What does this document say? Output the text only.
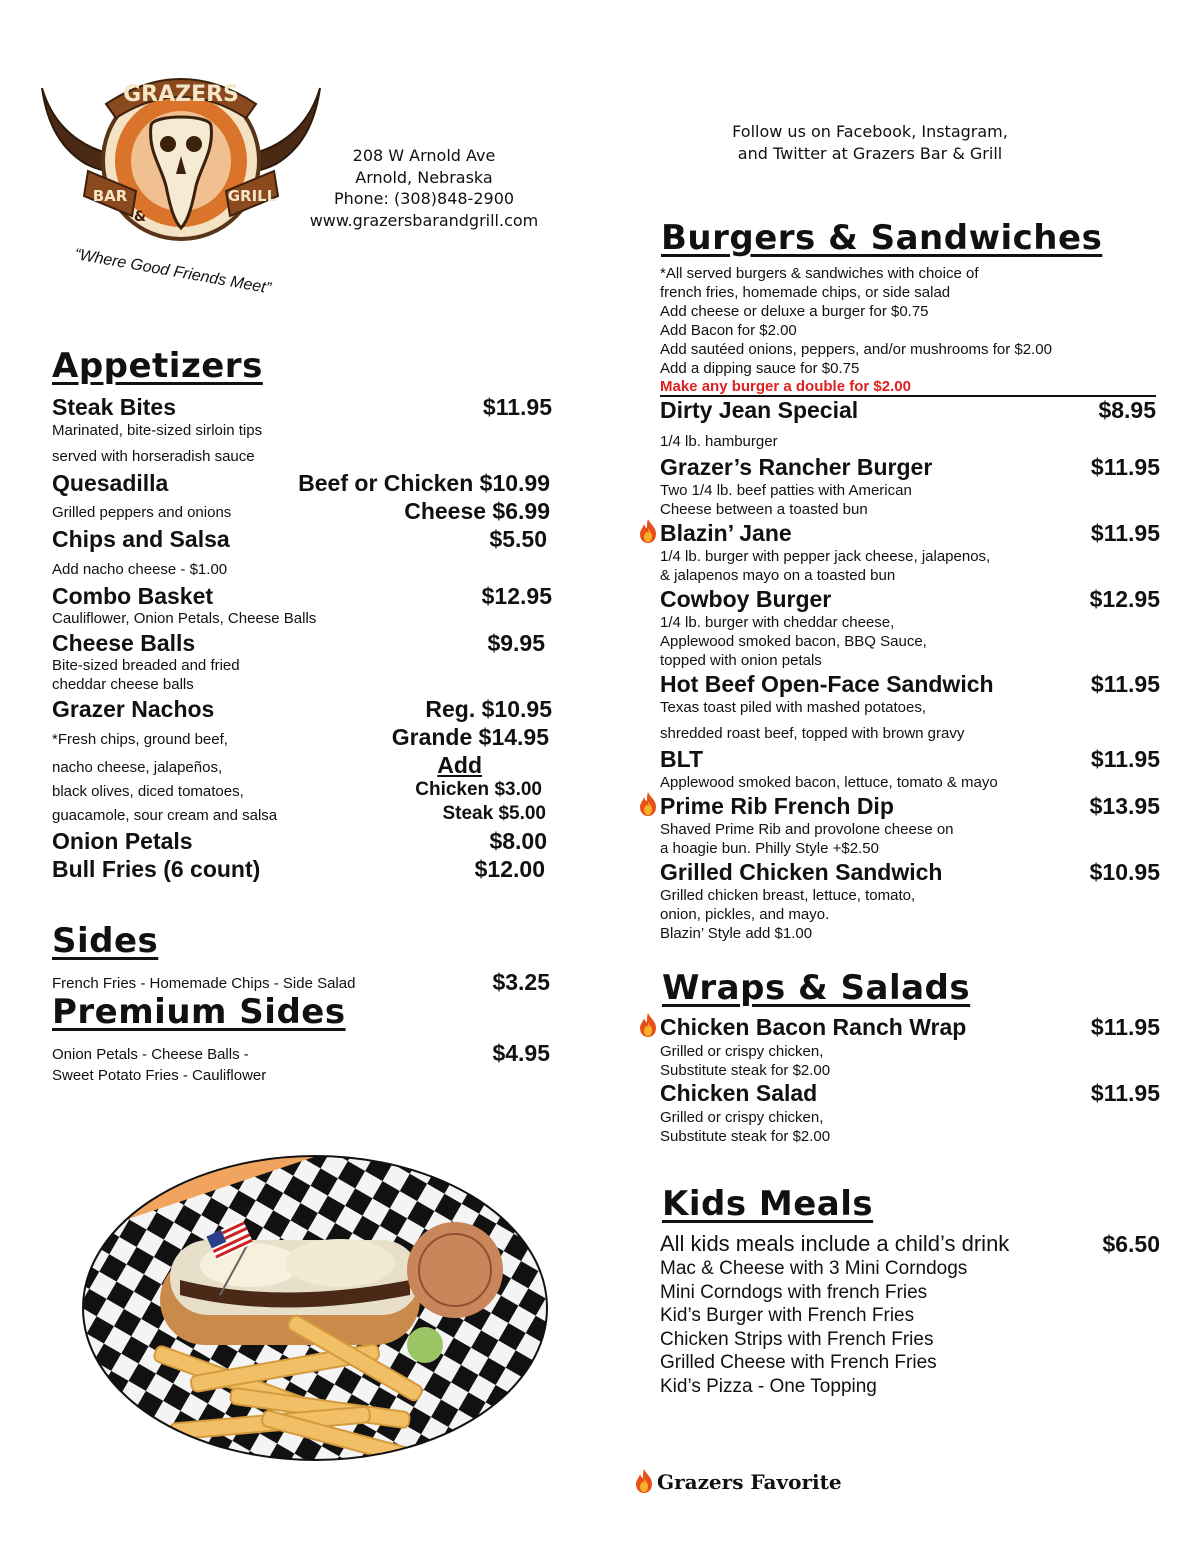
GRAZERS
BAR
&
GRILL
“Where Good Friends Meet”
208 W Arnold Ave
Arnold, Nebraska
Phone: (308)848-2900
www.grazersbarandgrill.com
Follow us on Facebook, Instagram,
and Twitter at Grazers Bar & Grill
Appetizers
Steak Bites	$11.95
Marinated, bite-sized sirloin tips
served with horseradish sauce
Quesadilla	Beef or Chicken $10.99
Grilled peppers and onions	Cheese $6.99
Chips and Salsa	$5.50
Add nacho cheese - $1.00
Combo Basket	$12.95
Cauliflower, Onion Petals, Cheese Balls
Cheese Balls	$9.95
Bite-sized breaded and fried
cheddar cheese balls
Grazer Nachos	Reg. $10.95
*Fresh chips, ground beef,	Grande $14.95
nacho cheese, jalapeños,	Add
black olives, diced tomatoes,	Chicken $3.00
guacamole, sour cream and salsa	Steak $5.00
Onion Petals	$8.00
Bull Fries (6 count)	$12.00
Sides
French Fries - Homemade Chips - Side Salad	$3.25
Premium Sides
Onion Petals - Cheese Balls -
Sweet Potato Fries - Cauliflower
$4.95
Burgers & Sandwiches
*All served burgers & sandwiches with choice of
french fries, homemade chips, or side salad
Add cheese or deluxe a burger for $0.75
Add Bacon for $2.00
Add sautéed onions, peppers, and/or mushrooms for $2.00
Add a dipping sauce for $0.75
Make any burger a double for $2.00
Dirty Jean Special	$8.95
1/4 lb. hamburger
Grazer’s Rancher Burger	$11.95
Two 1/4 lb. beef patties with American
Cheese between a toasted bun
Blazin’ Jane	$11.95
1/4 lb. burger with pepper jack cheese, jalapenos,
& jalapenos mayo on a toasted bun
Cowboy Burger	$12.95
1/4 lb. burger with cheddar cheese,
Applewood smoked bacon, BBQ Sauce,
topped with onion petals
Hot Beef Open-Face Sandwich	$11.95
Texas toast piled with mashed potatoes,
shredded roast beef, topped with brown gravy
BLT	$11.95
Applewood smoked bacon, lettuce, tomato & mayo
Prime Rib French Dip	$13.95
Shaved Prime Rib and provolone cheese on
a hoagie bun. Philly Style +$2.50
Grilled Chicken Sandwich	$10.95
Grilled chicken breast, lettuce, tomato,
onion, pickles, and mayo.
Blazin’ Style add $1.00
Wraps & Salads
Chicken Bacon Ranch Wrap	$11.95
Grilled or crispy chicken,
Substitute steak for $2.00
Chicken Salad	$11.95
Grilled or crispy chicken,
Substitute steak for $2.00
Kids Meals
All kids meals include a child’s drink	$6.50
Mac & Cheese with 3 Mini Corndogs
Mini Corndogs with french Fries
Kid’s Burger with French Fries
Chicken Strips with French Fries
Grilled Cheese with French Fries
Kid’s Pizza - One Topping
Grazers Favorite
